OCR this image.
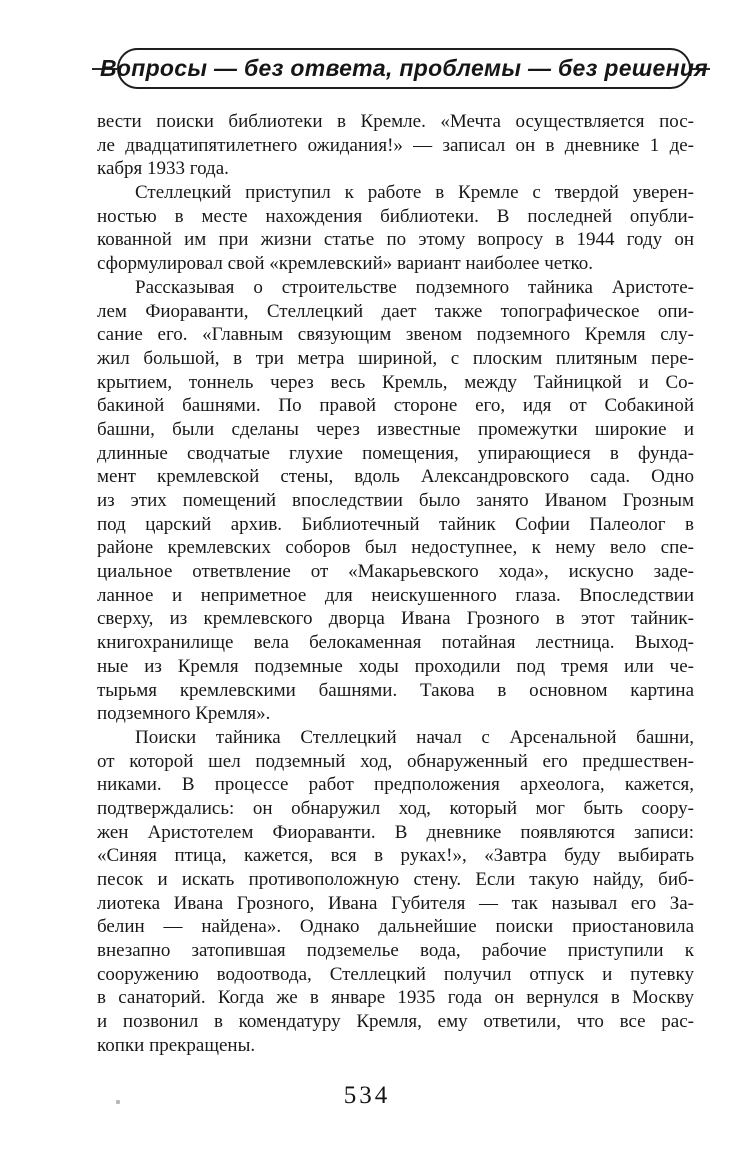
Вопросы — без ответа, проблемы — без решения
вести поиски библиотеки в Кремле. «Мечта осуществляется пос-
ле двадцатипятилетнего ожидания!» — записал он в дневнике 1 де-
кабря 1933 года.
Стеллецкий приступил к работе в Кремле с твердой уверен-
ностью в месте нахождения библиотеки. В последней опубли-
кованной им при жизни статье по этому вопросу в 1944 году он
сформулировал свой «кремлевский» вариант наиболее четко.
Рассказывая о строительстве подземного тайника Аристоте-
лем Фиораванти, Стеллецкий дает также топографическое опи-
сание его. «Главным связующим звеном подземного Кремля слу-
жил большой, в три метра шириной, с плоским плитяным пере-
крытием, тоннель через весь Кремль, между Тайницкой и Со-
бакиной башнями. По правой стороне его, идя от Собакиной
башни, были сделаны через известные промежутки широкие и
длинные сводчатые глухие помещения, упирающиеся в фунда-
мент кремлевской стены, вдоль Александровского сада. Одно
из этих помещений впоследствии было занято Иваном Грозным
под царский архив. Библиотечный тайник Софии Палеолог в
районе кремлевских соборов был недоступнее, к нему вело спе-
циальное ответвление от «Макарьевского хода», искусно заде-
ланное и неприметное для неискушенного глаза. Впоследствии
сверху, из кремлевского дворца Ивана Грозного в этот тайник-
книгохранилище вела белокаменная потайная лестница. Выход-
ные из Кремля подземные ходы проходили под тремя или че-
тырьмя кремлевскими башнями. Такова в основном картина
подземного Кремля».
Поиски тайника Стеллецкий начал с Арсенальной башни,
от которой шел подземный ход, обнаруженный его предшествен-
никами. В процессе работ предположения археолога, кажется,
подтверждались: он обнаружил ход, который мог быть соору-
жен Аристотелем Фиораванти. В дневнике появляются записи:
«Синяя птица, кажется, вся в руках!», «Завтра буду выбирать
песок и искать противоположную стену. Если такую найду, биб-
лиотека Ивана Грозного, Ивана Губителя — так называл его За-
белин — найдена». Однако дальнейшие поиски приостановила
внезапно затопившая подземелье вода, рабочие приступили к
сооружению водоотвода, Стеллецкий получил отпуск и путевку
в санаторий. Когда же в январе 1935 года он вернулся в Москву
и позвонил в комендатуру Кремля, ему ответили, что все рас-
копки прекращены.
534
